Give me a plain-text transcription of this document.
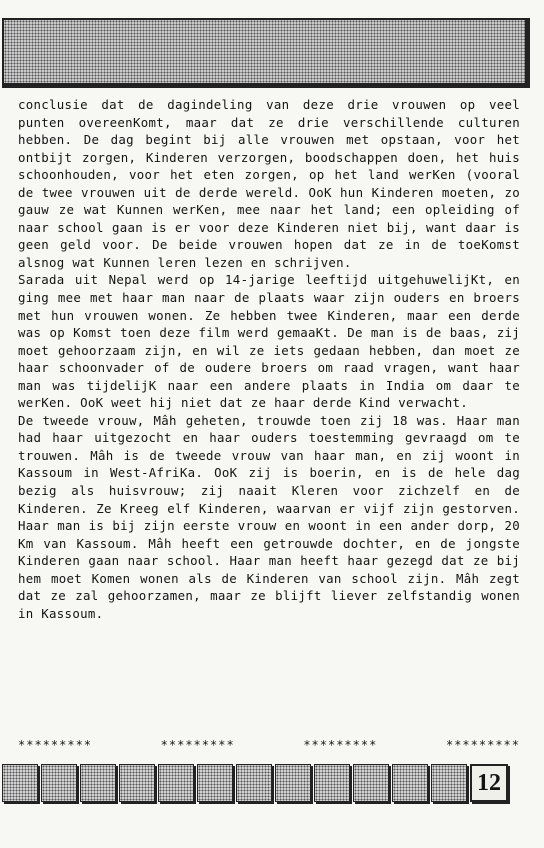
conclusie dat de dagindeling van deze drie vrouwen op veel punten overeenKomt, maar dat ze drie verschillende culturen hebben. De dag begint bij alle vrouwen met opstaan, voor het ontbijt zorgen, Kinderen verzorgen, boodschappen doen, het huis schoonhouden, voor het eten zorgen, op het land werKen (vooral de twee vrouwen uit de derde wereld. OoK hun Kinderen moeten, zo gauw ze wat Kunnen werKen, mee naar het land; een opleiding of naar school gaan is er voor deze Kinderen niet bij, want daar is geen geld voor. De beide vrouwen hopen dat ze in de toeKomst alsnog wat Kunnen leren lezen en schrijven.

Sarada uit Nepal werd op 14-jarige leeftijd uitgehuwelijKt, en ging mee met haar man naar de plaats waar zijn ouders en broers met hun vrouwen wonen. Ze hebben twee Kinderen, maar een derde was op Komst toen deze film werd gemaaKt. De man is de baas, zij moet gehoorzaam zijn, en wil ze iets gedaan hebben, dan moet ze haar schoonvader of de oudere broers om raad vragen, want haar man was tijdelijK naar een andere plaats in India om daar te werKen. OoK weet hij niet dat ze haar derde Kind verwacht.

De tweede vrouw, Mâh geheten, trouwde toen zij 18 was. Haar man had haar uitgezocht en haar ouders toestemming gevraagd om te trouwen. Mâh is de tweede vrouw van haar man, en zij woont in Kassoum in West-AfriKa. OoK zij is boerin, en is de hele dag bezig als huisvrouw; zij naait Kleren voor zichzelf en de Kinderen. Ze Kreeg elf Kinderen, waarvan er vijf zijn gestorven. Haar man is bij zijn eerste vrouw en woont in een ander dorp, 20 Km van Kassoum. Mâh heeft een getrouwde dochter, en de jongste Kinderen gaan naar school. Haar man heeft haar gezegd dat ze bij hem moet Komen wonen als de Kinderen van school zijn. Mâh zegt dat ze zal gehoorzamen, maar ze blijft liever zelfstandig wonen in Kassoum.

*********	*********	*********	*********
12
